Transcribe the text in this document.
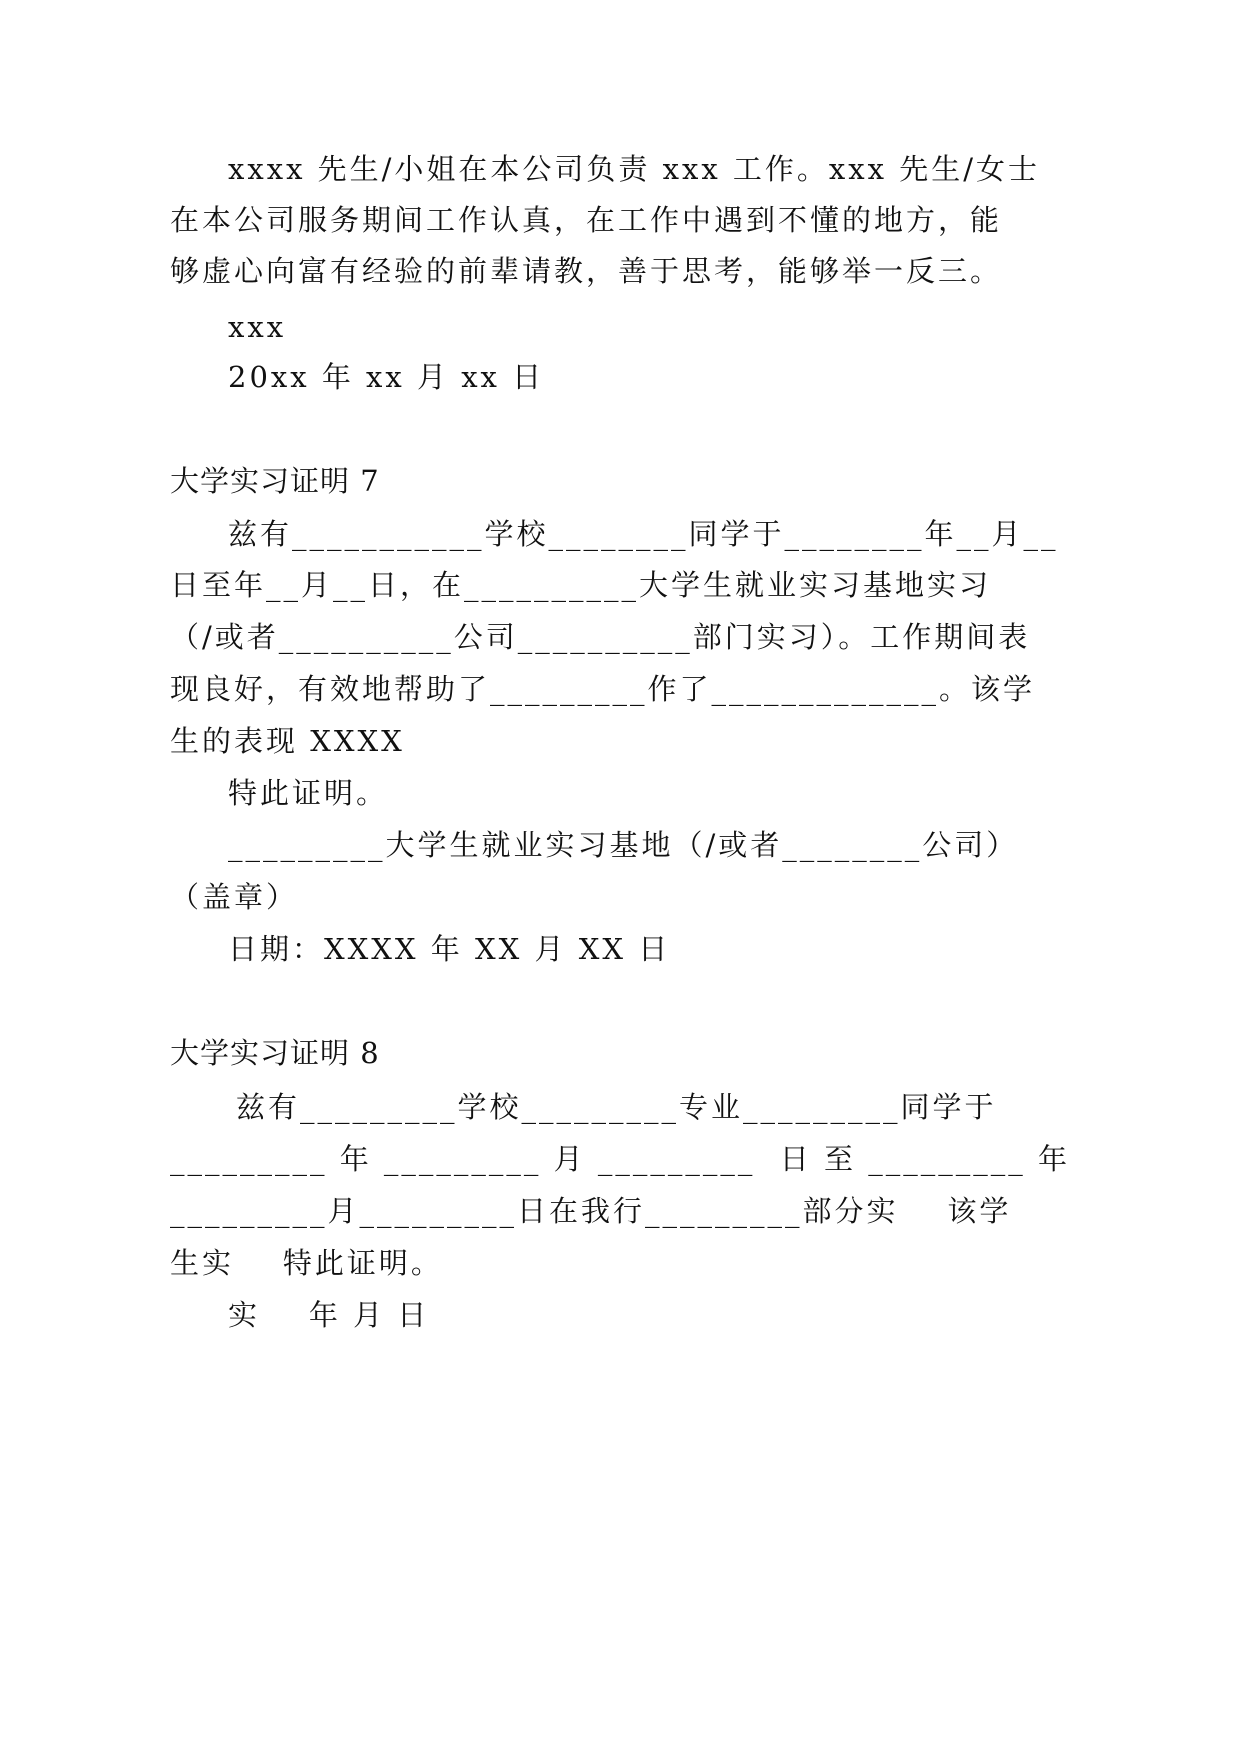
xxxx 先生/小姐在本公司负责 xxx 工作。xxx 先生/女士
在本公司服务期间工作认真，在工作中遇到不懂的地方，能
够虚心向富有经验的前辈请教，善于思考，能够举一反三。
xxx
20xx 年 xx 月 xx 日
大学实习证明 7
兹有___________学校________同学于________年__月__
日至年__月__日，在__________大学生就业实习基地实习
（/或者__________公司__________部门实习）。工作期间表
现良好，有效地帮助了_________作了_____________。该学
生的表现 XXXX
特此证明。
_________大学生就业实习基地（/或者________公司）
（盖章）
日期：XXXX 年 XX 月 XX 日
大学实习证明 8
兹有_________学校_________专业_________同学于
_________ 年 _________ 月 _________  日 至 _________ 年
_________月_________日在我行_________部分实    该学
生实    特此证明。
实    年 月 日
